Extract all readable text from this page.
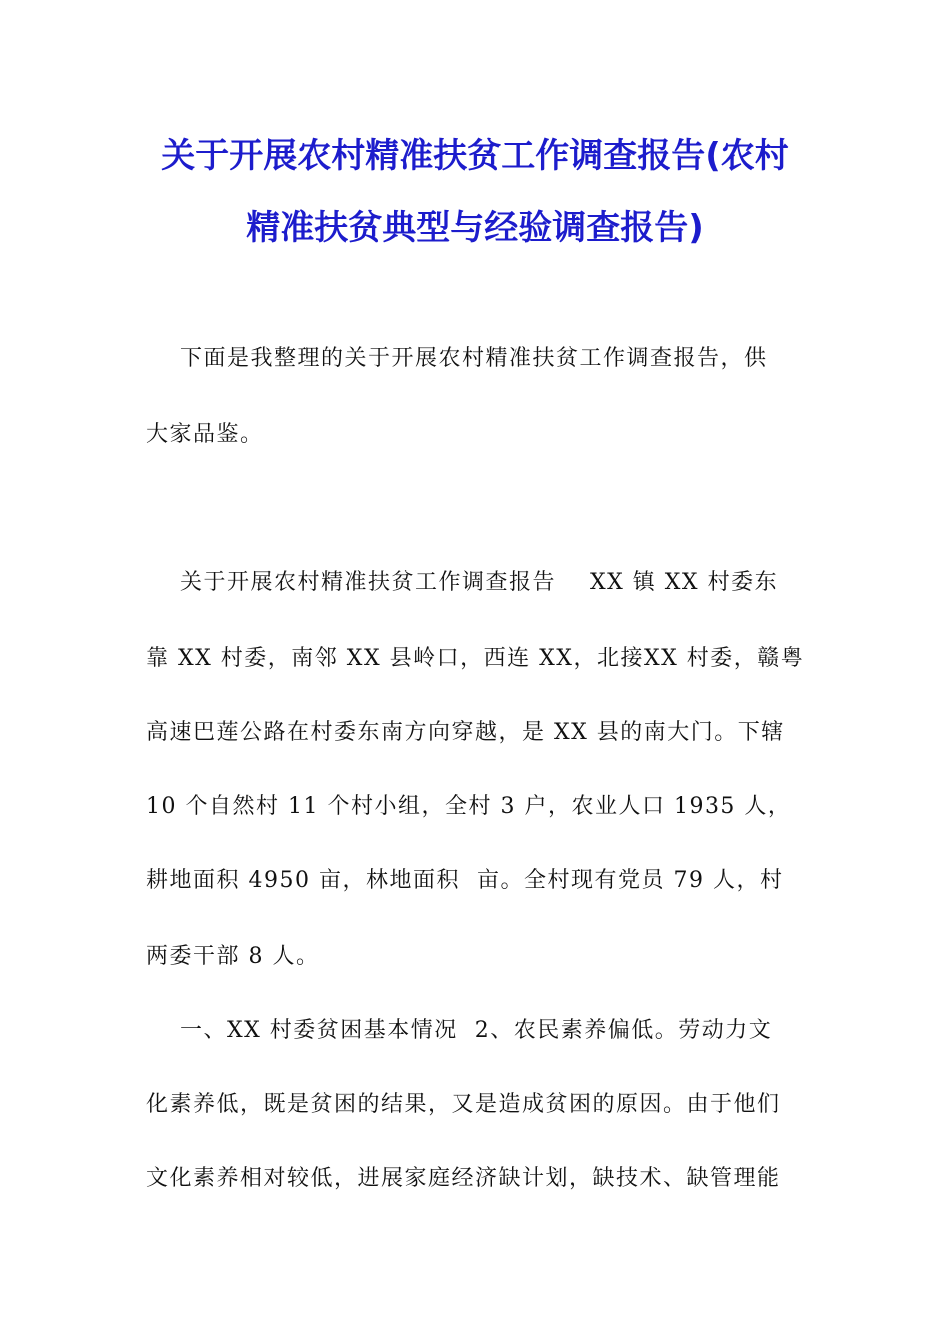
关于开展农村精准扶贫工作调查报告(农村
精准扶贫典型与经验调查报告)
下面是我整理的关于开展农村精准扶贫工作调查报告，供
大家品鉴。
关于开展农村精准扶贫工作调查报告    XX 镇 XX 村委东
靠 XX 村委，南邻 XX 县岭口，西连 XX，北接XX 村委，赣粤
高速巴莲公路在村委东南方向穿越，是 XX 县的南大门。下辖
10 个自然村 11 个村小组，全村 3 户，农业人口 1935 人，
耕地面积 4950 亩，林地面积  亩。全村现有党员 79 人，村
两委干部 8 人。
一、XX 村委贫困基本情况  2、农民素养偏低。劳动力文
化素养低，既是贫困的结果，又是造成贫困的原因。由于他们
文化素养相对较低，进展家庭经济缺计划，缺技术、缺管理能
